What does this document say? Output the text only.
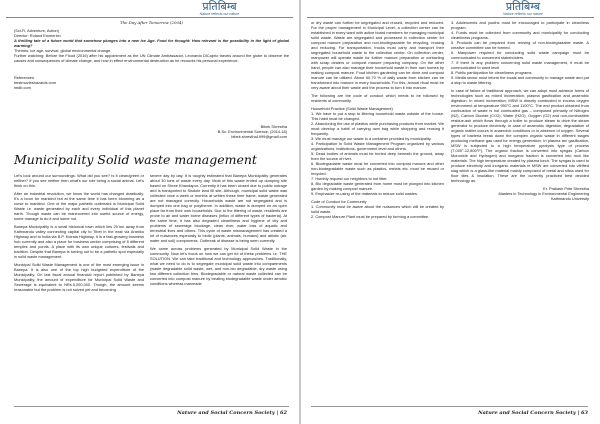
प्रतिबिम्ब
Nature reflects our nature
The Day After Tomorrow (2004)
(Sci-Fi, Adventure, Action)
Director: Roland Emmerich
A thrilling tale of a future world that somehow plunges into a new Ice Age. Food for thought: How relevant is the possibility in the light of global warming?
Themes: Ice age, survival, global environmental change.
Further watching: Before the Flood (2016) after his appointment as the UN Climate Ambassador, Leonardo DiCaprio travels around the globe to observe the causes and consequences of climate change, and how in effect environmental destruction as he recounts his personal experience.
References
bestmovieshazards.com
imdb.com
Bibek Shrestha
B.Sc. Environmental Science, (2014-18)
bibek.shrestha1999@gmail.com
Municipality Solid waste management

Let's look around our surroundings. What did you see? Is it clean/green or neither? If you see neither then what's our role being a social animal. Let's think on this.

After an industrial revolution, we know the world has changed drastically. It's a boon for mankind but at the same time it has been blooming as a curse to mankind. One of the major pathetic outbreaks is Municipal Solid Waste i.e. waste generated by each and every individual of this planet earth. Though waste can be maneuvered into useful source of energy, some manage to do it and some not.

Banepa Municipality is a small historical town which lies 25 km away from Kathmandu valley connecting capital city to Tibet in the east via Araniko Highway and to India via B.P. Koirala Highway. It is a fast-growing business hub currently and also a place for business center comprising of 8 different temples and ponds. A place with its own unique cultures, festivals and tradition. Despite that Banepa is turning out to be a pathetic spot especially in solid waste management.

Municipal Solid Waste Management is one of the most emerging issue in Banepa. It is also one of the top high budgeted expenditure of the Municipality. On last fiscal annual financial report published by Banepa Municipality, the amount of expenditure for Municipal Solid Waste and Sewerage is equivalent to NRs.5,000,000. Though, the amount seems reasonable but the problem is not solved yet and becoming

severe day by day. It is roughly estimated that Banepa Municipality generates about 30 tons of waste every day. Most of this waste ended up dumping site based on Shree Khandapur. Currently it has been closed due to public outrage and is transported to Sisdole land fill site. Although, municipal solid waste was collected once a week or months at written these time frame, waste generated are not managed correctly. Households waste are not segregated and is dumped into one bag or polytheme. In addition, waste is dumped on an open place far from their own households. Due to the littering of waste, residents are prone to air and water borne diseases (influx of different types of bacteria). At the same time, it has also degraded cleanliness and hygiene of city and problems of sewerage blockage, clean river, water loss of aquatic and terrestrial lives and others. This cycle of waste mismanagement has created a lot of nuisances especially to biotic (plants, animals, humans) and abiotic (air, water and soil) components. Outbreak of disease is being seen currently.

We came across problems generated by Municipal Solid Waste in the community. Now let's focus on how we can get rid of these problems i.e. THE SOLUTION. We can take traditional and technology approaches. Traditionally, what we need to do is to segregate municipal solid waste into compartments (waste degradable solid waste, wet, and non-bio degradable, dry waste using two different collection bins. Biodegradable or natural waste collected can be converted into compost manure by treating biodegradable waste under aerobic conditions whereas manmade

Nature and Social Concern Society | 62
प्रतिबिम्ब
Nature reflects our nature

or dry waste can further be segregated and reused, recycled and reduced. For the proper management in Municipal Level, a collection center can be established in every ward with active board members for managing municipal solid waste. Waste are segregated and processed in collection center for compost manure preparation and non-biodegradable for recycling, reusing and reducing. For transportation, trucks must carry and transport their segregated household waste to the collection center. On collection center, manpower will operate waste for further manure preparation or contacting with scrap dealers or compost manure preparing company. On the other hand, people can also manage their household waste in their own homes by making compost manure. Food kitchen gardening can be done and compost manure can be utilized. About 60-70 % of daily waste from kitchen can be transformed into manure in every households. For this, annual ritual must be very aware about their waste and the process to turn it into manure.

The following are the code of conduct which needs to be followed by residents of community.

Household Practice (Solid Waste Management)
1. We have to put a stop to littering household waste outside of the house. This habit must be changed.
2. Abandoning the use of plastics while purchasing products from market. We must develop a habit of carrying own bag while shopping and reusing it frequently.
3. We must manage our waste in a container provided by municipality.
4. Participation in Solid Waste Management Program organized by various organizations, institutions, government level and others.
5. Dead bodies of animals must be buried deep beneath the ground, away from the source of river.
6. Biodegradable waste must be converted into compost manure and other non-biodegradable waste such as plastics, metals etc. must be reused or recycled.
7. Humbly request our neighbors to not litter.
8. Bio degradable waste generated from home must be plunged into kitchen garden by making compost manure.
9. Emphasize re-using of the materials to reduce solid wastes.
Code of Conduct for Community
1. Community must be aware about the nuisances which will be created by solid waste.
2. Compost Manure Plant must be prepared by forming a committee.
3. Adolescents and youths must be encouraged to participate in clean/less program.
4. Funds must be collected from community and municipality for conducting cleanliness programs.
5. Products can be prepared from reusing of non-biodegradable waste. A creative committee can be formed.
6. Manpower required for conducting solid waste campaign must be communicated to concerned stakeholders.
7. If there is any problem concerning solid waste management, it must be communicated to ward level.
8. Public participation for cleanliness programs.
9. Media sector must inform the locals and community to manage waste and put a stop to waste littering.

In case of failure of traditional approach, we can adopt most advance forms of technologies such as mixed incineration, plasma gasification and anaerobic digestion. In mixed incineration, MSW is directly combusted in excess oxygen environment at temperature 950°C and 1100°C. The end product obtained from combustion of waste is hot combusted gas – composed primarily of Nitrogen (N2), Carbon Dioxide (CO2), Water (H2O), Oxygen (O2) and non-combustible residue-ash which flows through a boiler to produce steam to drive the steam generator to produce electricity. In case of anaerobic digestion, degradation of organic matter occurs in anaerobic conditions or in absence of oxygen. Several types of bacteria break down the complex organic waste in different stages producing methane gas used for energy generation. In plasma arc gasification, MSW is subjected to a high temperature pyrolysis type of process (7,000°-12,800°F). The organic fraction is converted into syngas (Carbon Monoxide and Hydrogen) and inorganic fraction is converted into rock like materials. The high temperature created by plasma torch. The syngas is used to produce electricity and inorganic materials in MSW are converted into vitrified slag which is a glass-like material mainly composed of metal and silica used for floor tiles & insulation. These are the currently practiced best decided technology as.

Er. Prakash Prite Shrestha
Masters in Technology in Environmental Engineering
Kathmandu University
Nature and Social Concern Society | 63
